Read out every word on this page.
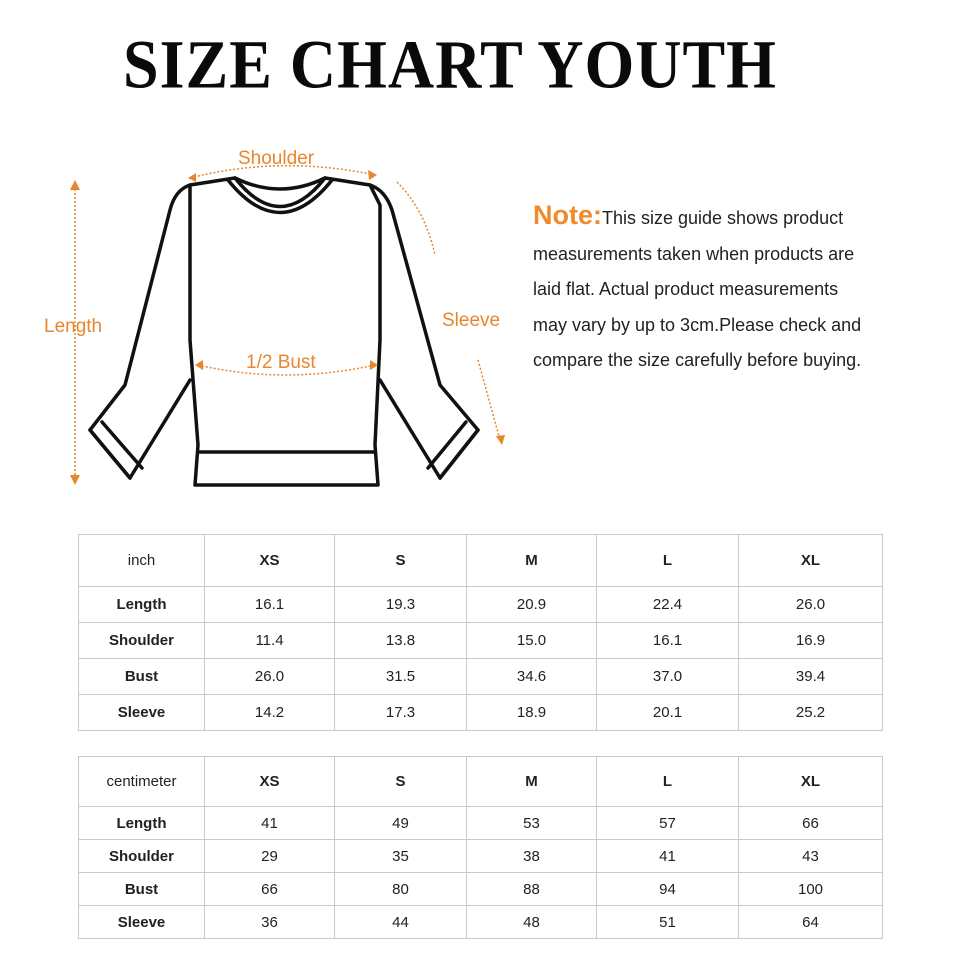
SIZE CHART YOUTH
Shoulder
Length	Sleeve
1/2 Bust
Note:This size guide shows product
measurements taken when products are
laid flat. Actual product measurements
may vary by up to 3cm.Please check and
compare the size carefully before buying.
inch	XS	S	M	L	XL
Length	16.1	19.3	20.9	22.4	26.0
Shoulder	11.4	13.8	15.0	16.1	16.9
Bust	26.0	31.5	34.6	37.0	39.4
Sleeve	14.2	17.3	18.9	20.1	25.2
centimeter	XS	S	M	L	XL
Length	41	49	53	57	66
Shoulder	29	35	38	41	43
Bust	66	80	88	94	100
Sleeve	36	44	48	51	64
